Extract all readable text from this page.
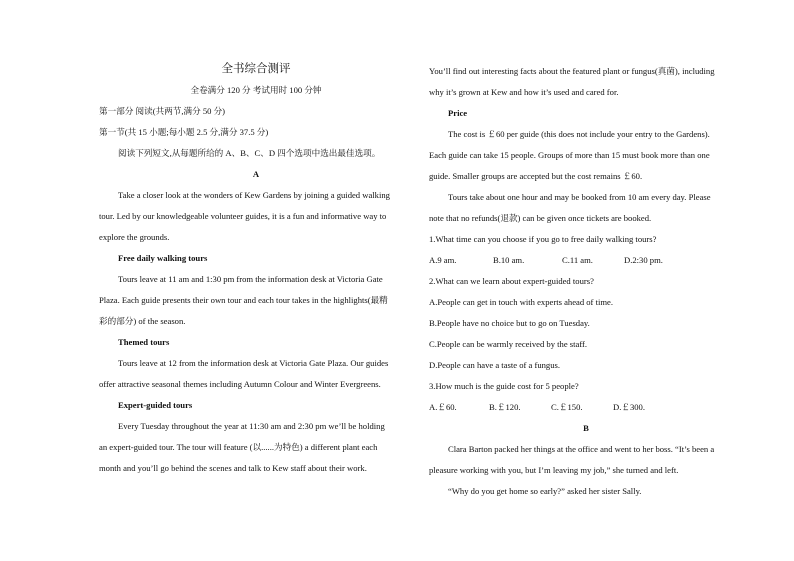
全书综合测评
全卷满分 120 分 考试用时 100 分钟
第一部分 阅读(共两节,满分 50 分)
第一节(共 15 小题;每小题 2.5 分,满分 37.5 分)
阅读下列短文,从每题所给的 A、B、C、D 四个选项中选出最佳选项。
A
Take a closer look at the wonders of Kew Gardens by joining a guided walking
tour. Led by our knowledgeable volunteer guides, it is a fun and informative way to
explore the grounds.
Free daily walking tours
Tours leave at 11 am and 1:30 pm from the information desk at Victoria Gate
Plaza. Each guide presents their own tour and each tour takes in the highlights(最精
彩的部分) of the season.
Themed tours
Tours leave at 12 from the information desk at Victoria Gate Plaza. Our guides
offer attractive seasonal themes including Autumn Colour and Winter Evergreens.
Expert-guided tours
Every Tuesday throughout the year at 11:30 am and 2:30 pm we’ll be holding
an expert-guided tour. The tour will feature (以......为特色) a different plant each
month and you’ll go behind the scenes and talk to Kew staff about their work.
You’ll find out interesting facts about the featured plant or fungus(真菌), including
why it’s grown at Kew and how it’s used and cared for.
Price
The cost is ￡60 per guide (this does not include your entry to the Gardens).
Each guide can take 15 people. Groups of more than 15 must book more than one
guide. Smaller groups are accepted but the cost remains ￡60.
Tours take about one hour and may be booked from 10 am every day. Please
note that no refunds(退款) can be given once tickets are booked.
1.What time can you choose if you go to free daily walking tours?
A.9 am.	B.10 am.	C.11 am.	D.2:30 pm.
2.What can we learn about expert-guided tours?
A.People can get in touch with experts ahead of time.
B.People have no choice but to go on Tuesday.
C.People can be warmly received by the staff.
D.People can have a taste of a fungus.
3.How much is the guide cost for 5 people?
A.￡60.	B.￡120.	C.￡150.	D.￡300.
B
Clara Barton packed her things at the office and went to her boss. “It’s been a
pleasure working with you, but I’m leaving my job,” she turned and left.
“Why do you get home so early?” asked her sister Sally.
